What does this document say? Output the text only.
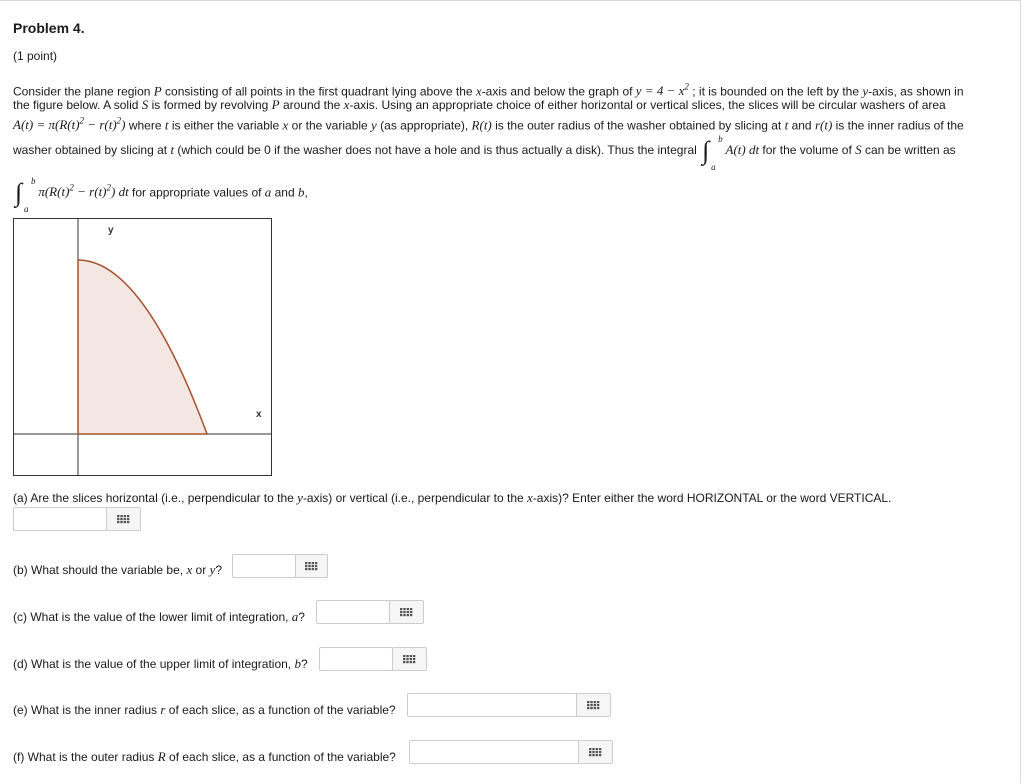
Problem 4.
(1 point)
Consider the plane region P consisting of all points in the first quadrant lying above the x-axis and below the graph of $y = 4 - x^2$ ; it is bounded on the left by the y-axis, as shown in
the figure below. A solid S is formed by revolving P around the x-axis. Using an appropriate choice of either horizontal or vertical slices, the slices will be circular washers of area
$A(t) = \pi(R(t)^2 - r(t)^2)$ where t is either the variable x or the variable y (as appropriate), R(t) is the outer radius of the washer obtained by slicing at t and r(t) is the inner radius of the
washer obtained by slicing at t (which could be 0 if the washer does not have a hole and is thus actually a disk). Thus the integral ∫ b
a
A(t) dt for the volume of S can be written as
∫ b
a
$\pi(R(t)^2 - r(t)^2)$ dt for appropriate values of a and b,
y
x
(a) Are the slices horizontal (i.e., perpendicular to the y-axis) or vertical (i.e., perpendicular to the x-axis)? Enter either the word HORIZONTAL or the word VERTICAL.
(b) What should the variable be, x or y?
(c) What is the value of the lower limit of integration, a?
(d) What is the value of the upper limit of integration, b?
(e) What is the inner radius r of each slice, as a function of the variable?
(f) What is the outer radius R of each slice, as a function of the variable?
